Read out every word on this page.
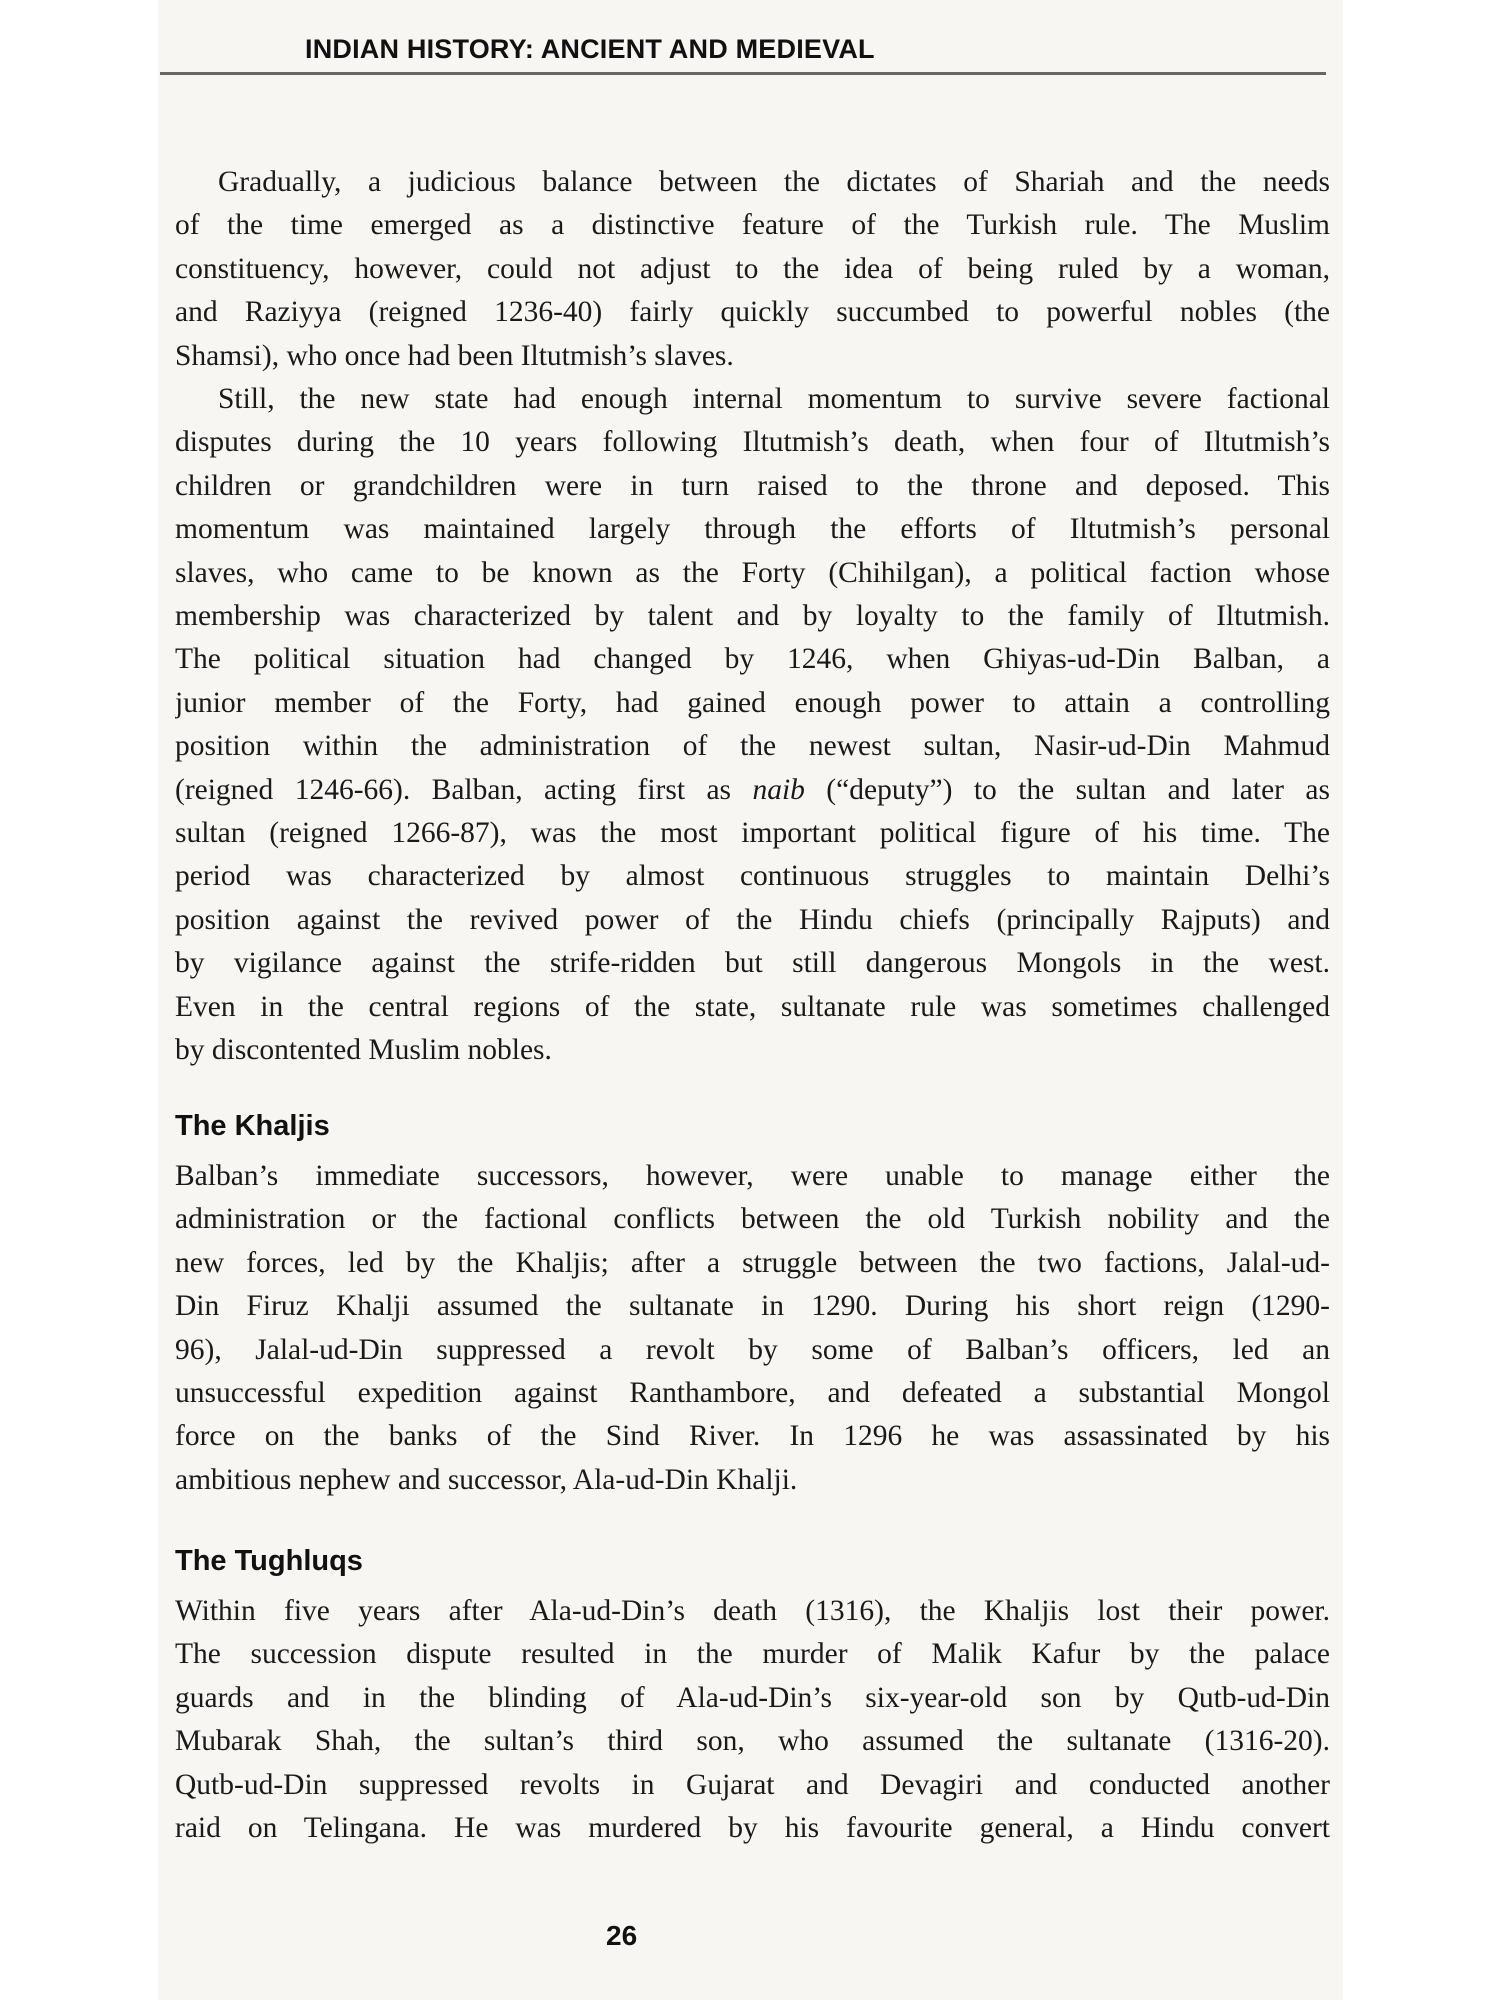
INDIAN HISTORY: ANCIENT AND MEDIEVAL
Gradually, a judicious balance between the dictates of Shariah and the needs
of the time emerged as a distinctive feature of the Turkish rule. The Muslim
constituency, however, could not adjust to the idea of being ruled by a woman,
and Raziyya (reigned 1236-40) fairly quickly succumbed to powerful nobles (the
Shamsi), who once had been Iltutmish’s slaves.
Still, the new state had enough internal momentum to survive severe factional
disputes during the 10 years following Iltutmish’s death, when four of Iltutmish’s
children or grandchildren were in turn raised to the throne and deposed. This
momentum was maintained largely through the efforts of Iltutmish’s personal
slaves, who came to be known as the Forty (Chihilgan), a political faction whose
membership was characterized by talent and by loyalty to the family of Iltutmish.
The political situation had changed by 1246, when Ghiyas-ud-Din Balban, a
junior member of the Forty, had gained enough power to attain a controlling
position within the administration of the newest sultan, Nasir-ud-Din Mahmud
(reigned 1246-66). Balban, acting first as naib (“deputy”) to the sultan and later as
sultan (reigned 1266-87), was the most important political figure of his time. The
period was characterized by almost continuous struggles to maintain Delhi’s
position against the revived power of the Hindu chiefs (principally Rajputs) and
by vigilance against the strife-ridden but still dangerous Mongols in the west.
Even in the central regions of the state, sultanate rule was sometimes challenged
by discontented Muslim nobles.
The Khaljis
Balban’s immediate successors, however, were unable to manage either the
administration or the factional conflicts between the old Turkish nobility and the
new forces, led by the Khaljis; after a struggle between the two factions, Jalal-ud-
Din Firuz Khalji assumed the sultanate in 1290. During his short reign (1290-
96), Jalal-ud-Din suppressed a revolt by some of Balban’s officers, led an
unsuccessful expedition against Ranthambore, and defeated a substantial Mongol
force on the banks of the Sind River. In 1296 he was assassinated by his
ambitious nephew and successor, Ala-ud-Din Khalji.
The Tughluqs
Within five years after Ala-ud-Din’s death (1316), the Khaljis lost their power.
The succession dispute resulted in the murder of Malik Kafur by the palace
guards and in the blinding of Ala-ud-Din’s six-year-old son by Qutb-ud-Din
Mubarak Shah, the sultan’s third son, who assumed the sultanate (1316-20).
Qutb-ud-Din suppressed revolts in Gujarat and Devagiri and conducted another
raid on Telingana. He was murdered by his favourite general, a Hindu convert
26
